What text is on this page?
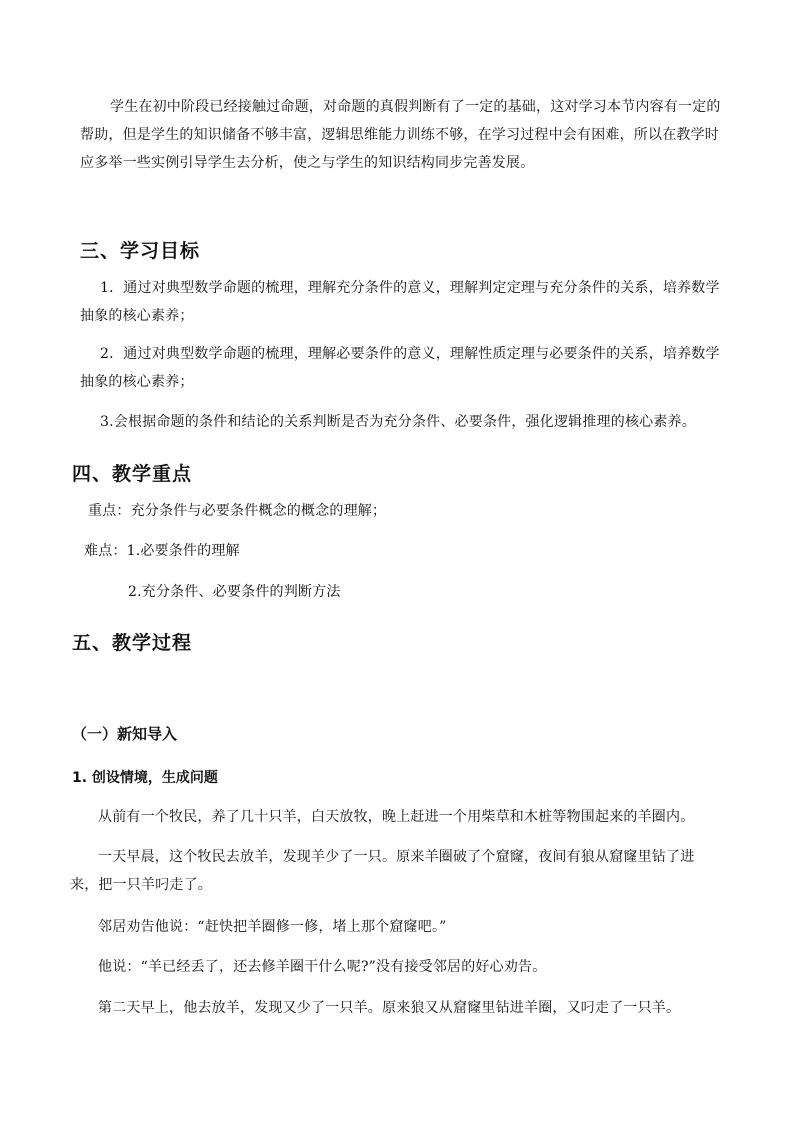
学生在初中阶段已经接触过命题，对命题的真假判断有了一定的基础，这对学习本节内容有一定的帮助，但是学生的知识储备不够丰富，逻辑思维能力训练不够，在学习过程中会有困难，所以在教学时应多举一些实例引导学生去分析，使之与学生的知识结构同步完善发展。
三、学习目标
1．通过对典型数学命题的梳理，理解充分条件的意义，理解判定定理与充分条件的关系，培养数学抽象的核心素养；
2．通过对典型数学命题的梳理，理解必要条件的意义，理解性质定理与必要条件的关系，培养数学抽象的核心素养；
3.会根据命题的条件和结论的关系判断是否为充分条件、必要条件，强化逻辑推理的核心素养。
四、教学重点
重点：充分条件与必要条件概念的概念的理解；
难点：1.必要条件的理解
2.充分条件、必要条件的判断方法
五、教学过程
（一）新知导入
1. 创设情境，生成问题
从前有一个牧民，养了几十只羊，白天放牧，晚上赶进一个用柴草和木桩等物围起来的羊圈内。
一天早晨，这个牧民去放羊，发现羊少了一只。原来羊圈破了个窟窿，夜间有狼从窟窿里钻了进来，把一只羊叼走了。
邻居劝告他说：“赶快把羊圈修一修，堵上那个窟窿吧。”
他说：“羊已经丢了，还去修羊圈干什么呢?”没有接受邻居的好心劝告。
第二天早上，他去放羊，发现又少了一只羊。原来狼又从窟窿里钻进羊圈，又叼走了一只羊。
